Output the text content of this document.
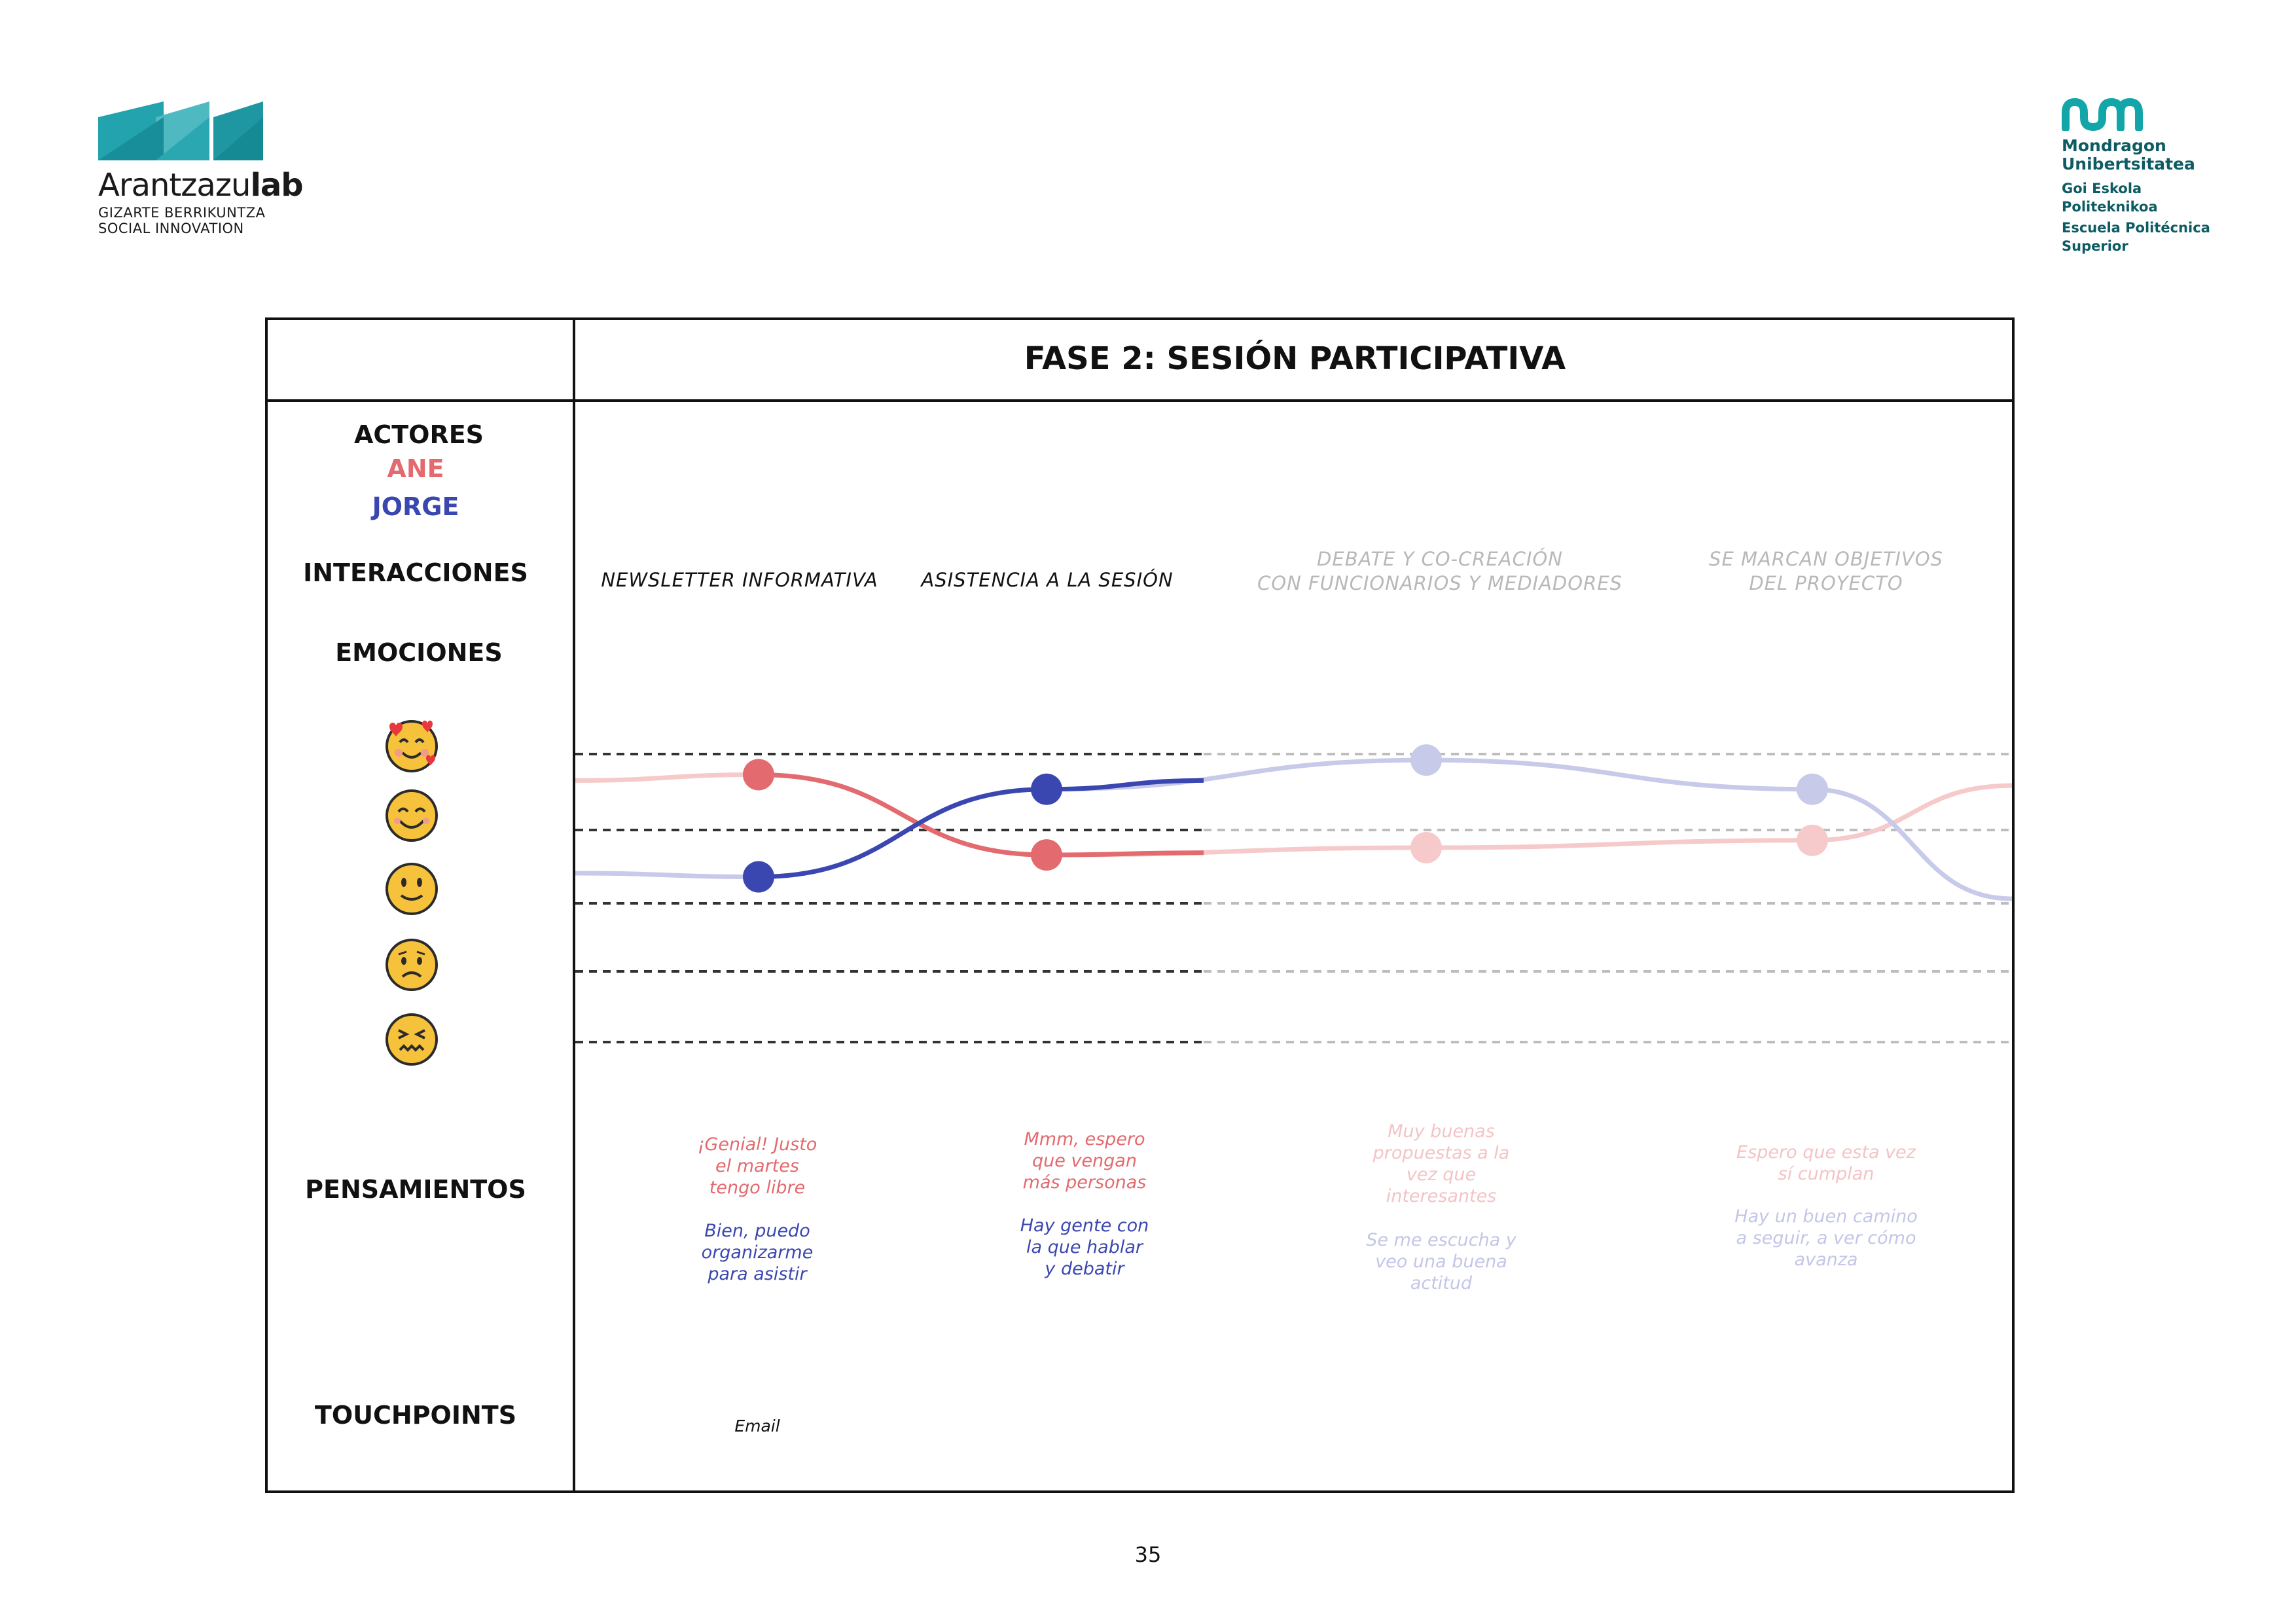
Arantzazulab
GIZARTE BERRIKUNTZA
SOCIAL INNOVATION
Mondragon
Unibertsitatea
Goi Eskola
Politeknikoa
Escuela Politécnica
Superior
FASE 2: SESIÓN PARTICIPATIVA
ACTORES
ANE
JORGE
INTERACCIONES
EMOCIONES
PENSAMIENTOS
TOUCHPOINTS
NEWSLETTER INFORMATIVA	ASISTENCIA A LA SESIÓN
DEBATE Y CO-CREACIÓN
CON FUNCIONARIOS Y MEDIADORES
SE MARCAN OBJETIVOS
DEL PROYECTO
¡Genial! Justo
el martes
tengo libre
Bien, puedo
organizarme
para asistir
Mmm, espero
que vengan
más personas
Hay gente con
la que hablar
y debatir
Muy buenas
propuestas a la
vez que
interesantes
Se me escucha y
veo una buena
actitud
Espero que esta vez
sí cumplan
Hay un buen camino
a seguir, a ver cómo
avanza
Email
35
